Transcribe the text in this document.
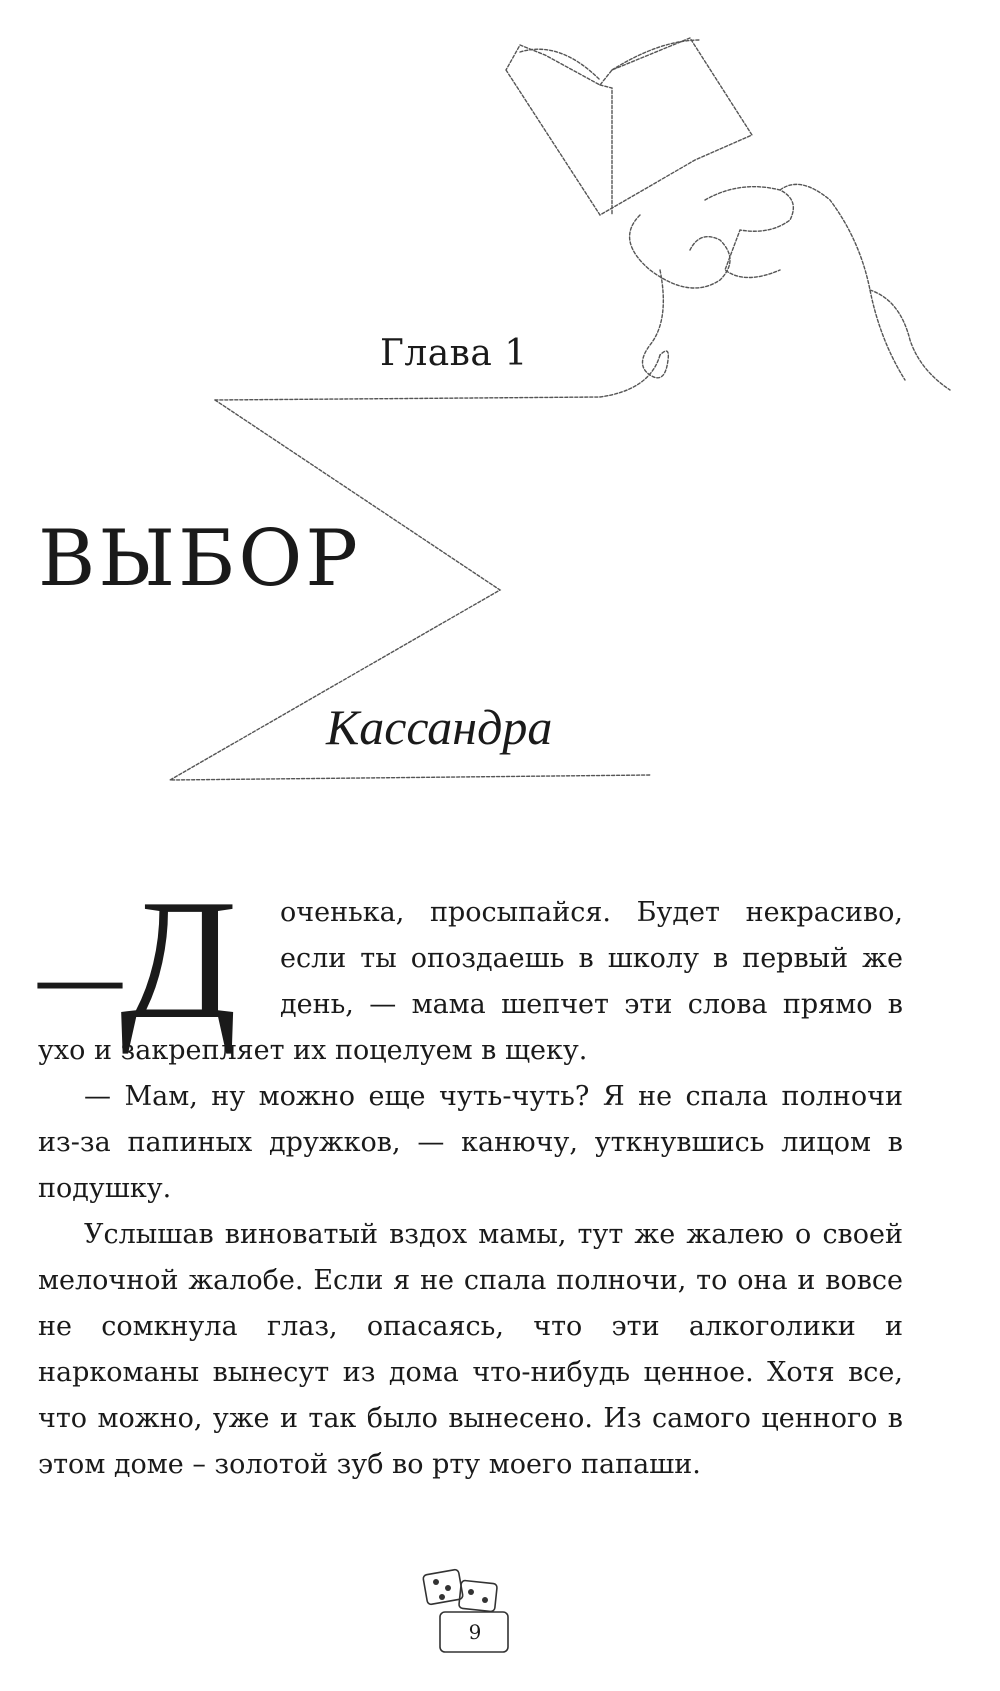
Глава 1
ВЫБОР
Кассандра

—
Д оченька, просыпайся. Будет некрасиво, если ты опоздаешь в школу в первый же день, — мама шепчет эти слова прямо в ухо и закрепляет их поцелуем в щеку.

— Мам, ну можно еще чуть-чуть? Я не спала полночи из-за папиных дружков, — канючу, уткнувшись лицом в подушку.

Услышав виноватый вздох мамы, тут же жалею о своей мелочной жалобе. Если я не спала полночи, то она и вовсе не сомкнула глаз, опасаясь, что эти алкоголики и наркоманы вынесут из дома что-нибудь ценное. Хотя все, что можно, уже и так было вынесено. Из самого ценного в этом доме – золотой зуб во рту моего папаши.

9
